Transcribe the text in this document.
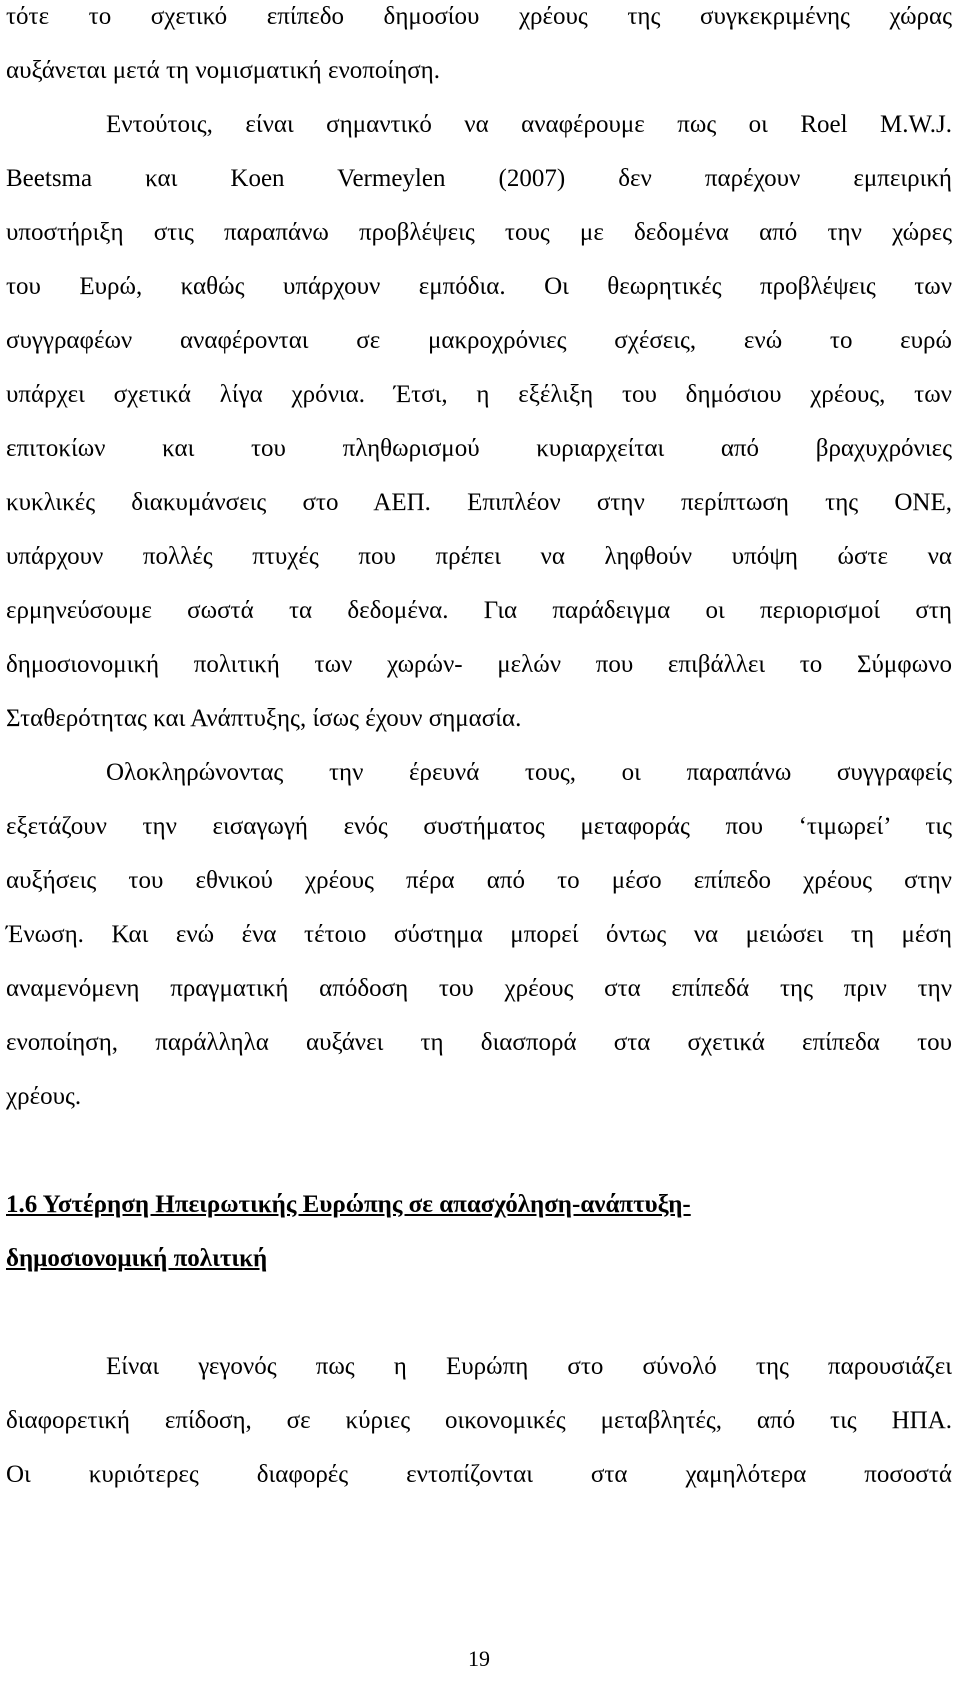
τότε το σχετικό επίπεδο δημοσίου χρέους της συγκεκριμένης χώρας
αυξάνεται μετά τη νομισματική ενοποίηση.
Εντούτοις, είναι σημαντικό να αναφέρουμε πως οι Roel M.W.J.
Beetsma και Koen Vermeylen (2007) δεν παρέχουν εμπειρική
υποστήριξη στις παραπάνω προβλέψεις τους με δεδομένα από την χώρες
του Ευρώ, καθώς υπάρχουν εμπόδια. Οι θεωρητικές προβλέψεις των
συγγραφέων αναφέρονται σε μακροχρόνιες σχέσεις, ενώ το ευρώ
υπάρχει σχετικά λίγα χρόνια. Έτσι, η εξέλιξη του δημόσιου χρέους, των
επιτοκίων και του πληθωρισμού κυριαρχείται από βραχυχρόνιες
κυκλικές διακυμάνσεις στο ΑΕΠ. Επιπλέον στην περίπτωση της ΟΝΕ,
υπάρχουν πολλές πτυχές που πρέπει να ληφθούν υπόψη ώστε να
ερμηνεύσουμε σωστά τα δεδομένα. Για παράδειγμα οι περιορισμοί στη
δημοσιονομική πολιτική των χωρών- μελών που επιβάλλει το Σύμφωνο
Σταθερότητας και Ανάπτυξης, ίσως έχουν σημασία.
Ολοκληρώνοντας την έρευνά τους, οι παραπάνω συγγραφείς
εξετάζουν την εισαγωγή ενός συστήματος μεταφοράς που ‘τιμωρεί’ τις
αυξήσεις του εθνικού χρέους πέρα από το μέσο επίπεδο χρέους στην
Ένωση. Και ενώ ένα τέτοιο σύστημα μπορεί όντως να μειώσει τη μέση
αναμενόμενη πραγματική απόδοση του χρέους στα επίπεδά της πριν την
ενοποίηση, παράλληλα αυξάνει τη διασπορά στα σχετικά επίπεδα του
χρέους.
1.6 Υστέρηση Ηπειρωτικής Ευρώπης σε απασχόληση-ανάπτυξη-
δημοσιονομική πολιτική
Είναι γεγονός πως η Ευρώπη στο σύνολό της παρουσιάζει
διαφορετική επίδοση, σε κύριες οικονομικές μεταβλητές, από τις ΗΠΑ.
Οι κυριότερες διαφορές εντοπίζονται στα χαμηλότερα ποσοστά
19
